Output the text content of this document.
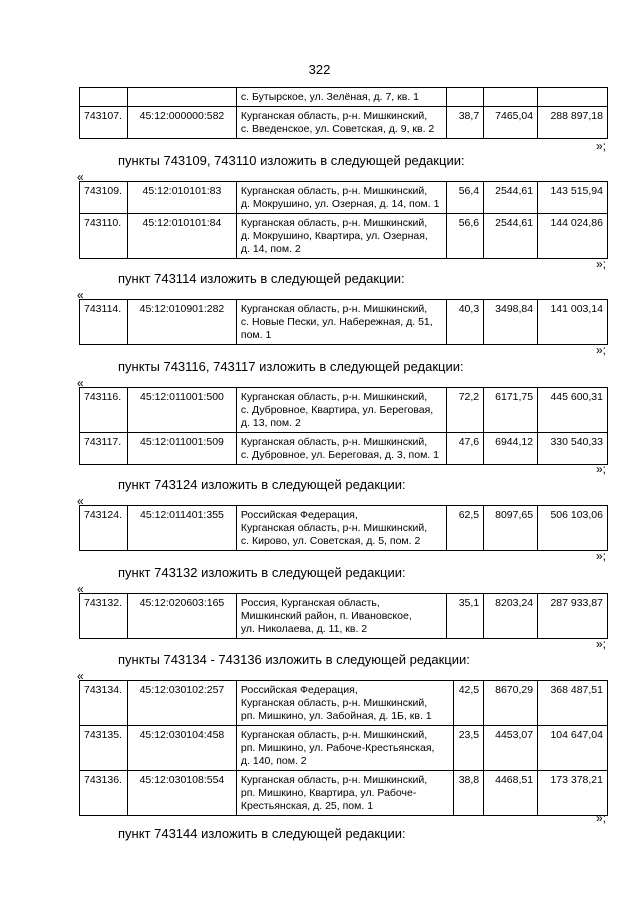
322
		с. Бутырское, ул. Зелёная, д. 7, кв. 1			
743107.	45:12:000000:582	Курганская область, р-н. Мишкинский,
с. Введенское, ул. Советская, д. 9, кв. 2	38,7	7465,04	288 897,18
»;
пункты 743109, 743110 изложить в следующей редакции:
«
743109.	45:12:010101:83	Курганская область, р-н. Мишкинский,
д. Мокрушино, ул. Озерная, д. 14, пом. 1	56,4	2544,61	143 515,94
743110.	45:12:010101:84	Курганская область, р-н. Мишкинский,
д. Мокрушино, Квартира, ул. Озерная,
д. 14, пом. 2	56,6	2544,61	144 024,86
»;
пункт 743114 изложить в следующей редакции:
«
743114.	45:12:010901:282	Курганская область, р-н. Мишкинский,
с. Новые Пески, ул. Набережная, д. 51,
пом. 1	40,3	3498,84	141 003,14
»;
пункты 743116, 743117 изложить в следующей редакции:
«
743116.	45:12:011001:500	Курганская область, р-н. Мишкинский,
с. Дубровное, Квартира, ул. Береговая,
д. 13, пом. 2	72,2	6171,75	445 600,31
743117.	45:12:011001:509	Курганская область, р-н. Мишкинский,
с. Дубровное, ул. Береговая, д. 3, пом. 1	47,6	6944,12	330 540,33
»;
пункт 743124 изложить в следующей редакции:
«
743124.	45:12:011401:355	Российская Федерация,
Курганская область, р-н. Мишкинский,
с. Кирово, ул. Советская, д. 5, пом. 2	62,5	8097,65	506 103,06
»;
пункт 743132 изложить в следующей редакции:
«
743132.	45:12:020603:165	Россия, Курганская область,
Мишкинский район, п. Ивановское,
ул. Николаева, д. 11, кв. 2	35,1	8203,24	287 933,87
»;
пункты 743134 - 743136 изложить в следующей редакции:
«
743134.	45:12:030102:257	Российская Федерация,
Курганская область, р-н. Мишкинский,
рп. Мишкино, ул. Забойная, д. 1Б, кв. 1	42,5	8670,29	368 487,51
743135.	45:12:030104:458	Курганская область, р-н. Мишкинский,
рп. Мишкино, ул. Рабоче-Крестьянская,
д. 140, пом. 2	23,5	4453,07	104 647,04
743136.	45:12:030108:554	Курганская область, р-н. Мишкинский,
рп. Мишкино, Квартира, ул. Рабоче-
Крестьянская, д. 25, пом. 1	38,8	4468,51	173 378,21
»;
пункт 743144 изложить в следующей редакции:
